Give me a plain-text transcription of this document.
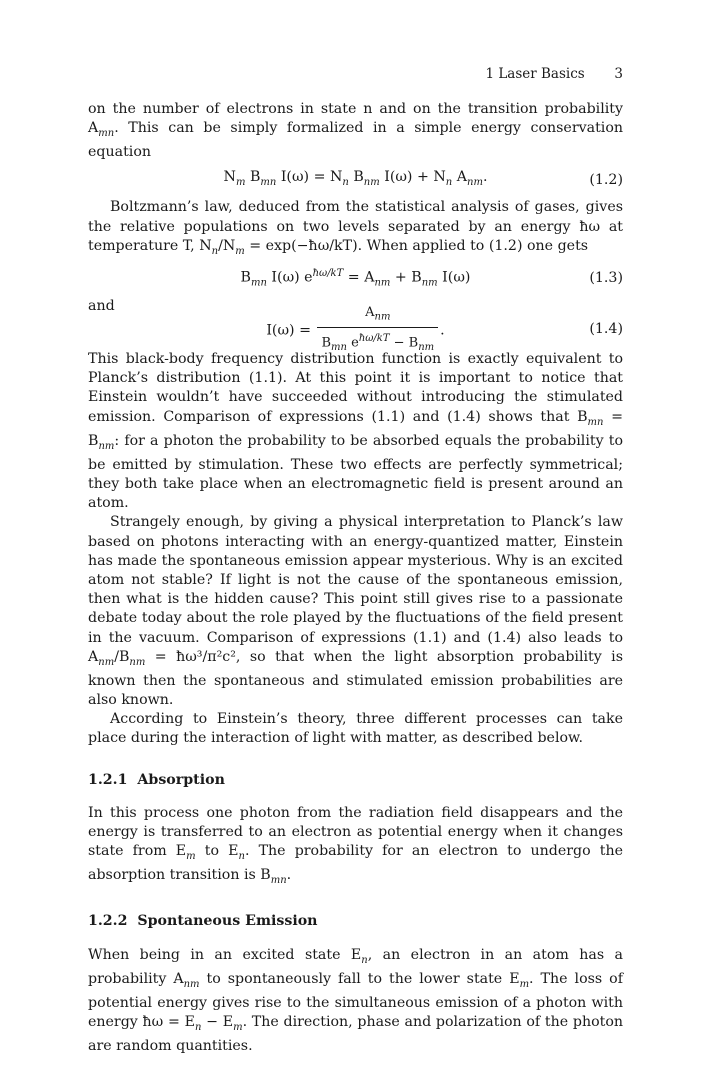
1 Laser Basics 3

on the number of electrons in state n and on the transition probability $A_{mn}$. This can be simply formalized in a simple energy conservation equation

$N_m$ $B_{mn}$ $I(\omega) = N_n$ $B_{nm}$ $I(\omega) + N_n$ $A_{nm}$.	(1.2)

Boltzmann’s law, deduced from the statistical analysis of gases, gives the relative populations on two levels separated by an energy ħω at temperature T, $N_n/N_m$ = exp(−ħω/kT). When applied to (1.2) one gets

$B_{mn}$ I(ω) $e^{ħ\omega/kT} = A_{nm} + B_{nm}$ I(ω)	(1.3)

and

$I(\omega) = \frac{A_{nm}}{B_{mn} e^{ħ\omega/kT} - B_{nm}}$ .	(1.4)

This black-body frequency distribution function is exactly equivalent to Planck’s distribution (1.1). At this point it is important to notice that Einstein wouldn’t have succeeded without introducing the stimulated emission. Comparison of expressions (1.1) and (1.4) shows that $B_{mn} = B_{nm}$: for a photon the probability to be absorbed equals the probability to be emitted by stimulation. These two effects are perfectly symmetrical; they both take place when an electromagnetic field is present around an atom.

Strangely enough, by giving a physical interpretation to Planck’s law based on photons interacting with an energy-quantized matter, Einstein has made the spontaneous emission appear mysterious. Why is an excited atom not stable? If light is not the cause of the spontaneous emission, then what is the hidden cause? This point still gives rise to a passionate debate today about the role played by the fluctuations of the field present in the vacuum. Comparison of expressions (1.1) and (1.4) also leads to $A_{nm}/B_{nm}$ = ħω³/π²c², so that when the light absorption probability is known then the spontaneous and stimulated emission probabilities are also known.

According to Einstein’s theory, three different processes can take place during the interaction of light with matter, as described below.

1.2.1 Absorption

In this process one photon from the radiation field disappears and the energy is transferred to an electron as potential energy when it changes state from $E_m$ to $E_n$. The probability for an electron to undergo the absorption transition is $B_{mn}$.

1.2.2 Spontaneous Emission

When being in an excited state $E_n$, an electron in an atom has a probability $A_{nm}$ to spontaneously fall to the lower state $E_m$. The loss of potential energy gives rise to the simultaneous emission of a photon with energy ħω = $E_n - E_m$. The direction, phase and polarization of the photon are random quantities.
